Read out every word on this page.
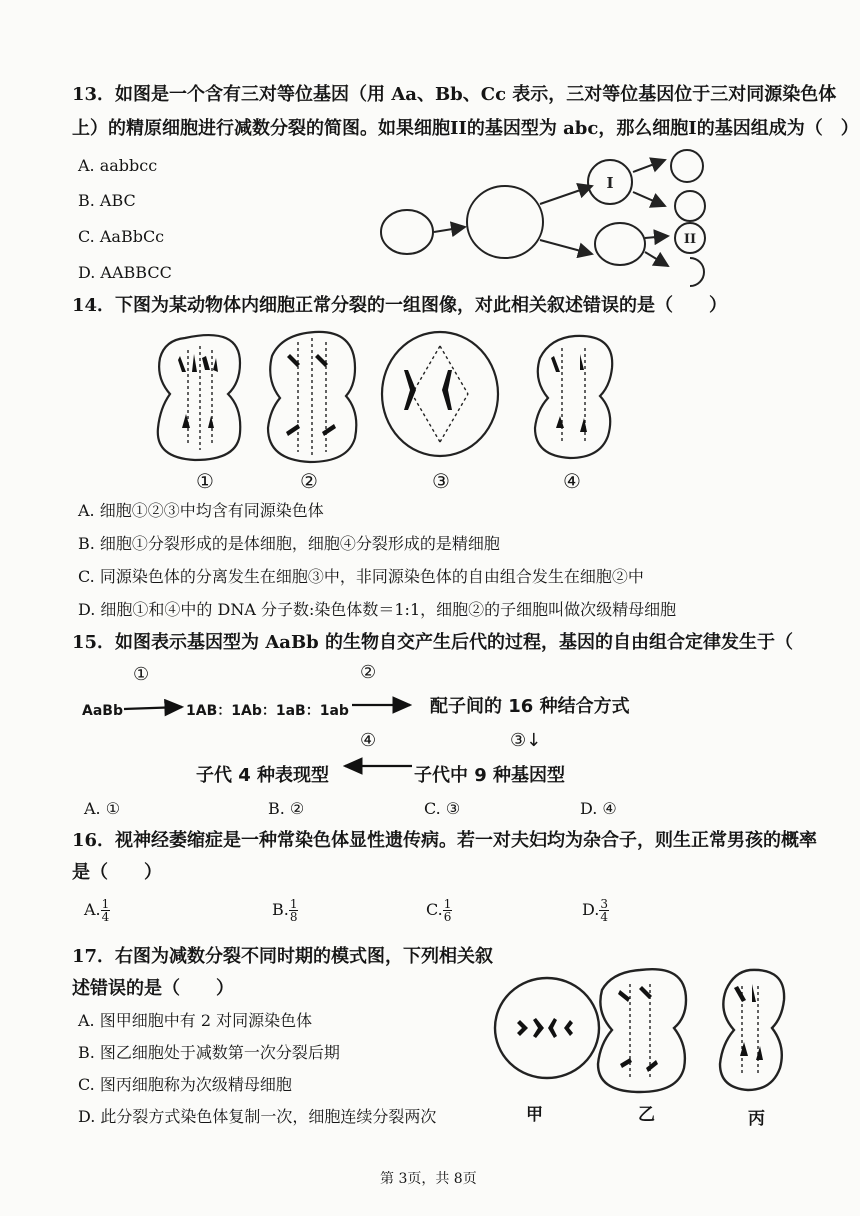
13．如图是一个含有三对等位基因（用 Aa、Bb、Cc 表示，三对等位基因位于三对同源染色体
上）的精原细胞进行减数分裂的简图。如果细胞II的基因型为 abc，那么细胞I的基因组成为（　）
A. aabbcc
B. ABC
C. AaBbCc
D. AABBCC
I
II
14．下图为某动物体内细胞正常分裂的一组图像，对此相关叙述错误的是（　　）
①	②	③	④
A. 细胞①②③中均含有同源染色体
B. 细胞①分裂形成的是体细胞，细胞④分裂形成的是精细胞
C. 同源染色体的分离发生在细胞③中，非同源染色体的自由组合发生在细胞②中
D. 细胞①和④中的 DNA 分子数:染色体数＝1:1，细胞②的子细胞叫做次级精母细胞
15．如图表示基因型为 AaBb 的生物自交产生后代的过程，基因的自由组合定律发生于（
①	②
AaBb	1AB：1Ab：1aB：1ab	配子间的 16 种结合方式
④	③↓
子代 4 种表现型	子代中 9 种基因型
A. ①	B. ②	C. ③	D. ④
16．视神经萎缩症是一种常染色体显性遗传病。若一对夫妇均为杂合子，则生正常男孩的概率
是（　　）
A. $\frac{1}{4}$	B. $\frac{1}{8}$	C. $\frac{1}{6}$	D. $\frac{3}{4}$
17．右图为减数分裂不同时期的模式图，下列相关叙
述错误的是（　　）
A. 图甲细胞中有 2 对同源染色体
B. 图乙细胞处于减数第一次分裂后期
C. 图丙细胞称为次级精母细胞
D. 此分裂方式染色体复制一次，细胞连续分裂两次	甲	乙	丙
第 3页，共 8页
